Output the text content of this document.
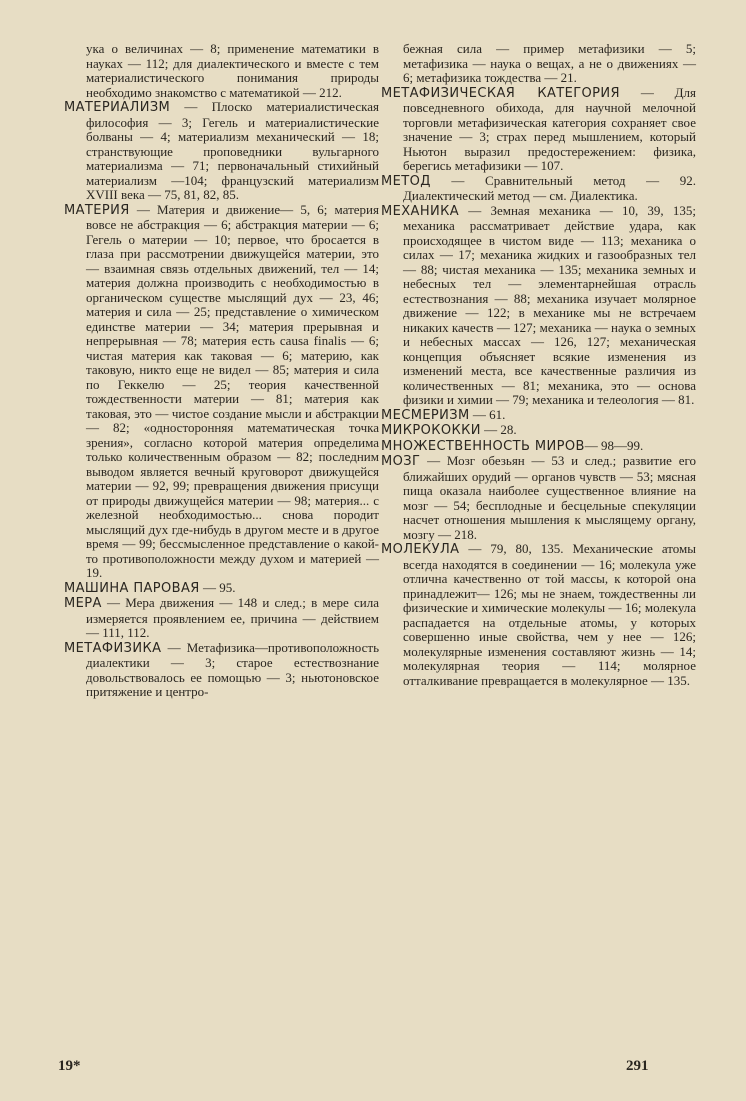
ука о величинах — 8; применение математики в науках — 112; для диалектического и вместе с тем материалистического понимания природы необходимо знакомство с математикой — 212.

МАТЕРИАЛИЗМ — Плоско материалистическая философия — 3; Гегель и материалистические болваны — 4; материализм механический — 18; странствующие проповедники вульгарного материализма — 71; первоначальный стихийный материализм —104; французский материализм XVIII века — 75, 81, 82, 85.

МАТЕРИЯ — Материя и движение— 5, 6; материя вовсе не абстракция — 6; абстракция материи — 6; Гегель о материи — 10; первое, что бросается в глаза при рассмотрении движущейся материи, это — взаимная связь отдельных движений, тел — 14; материя должна производить с необходимостью в органическом существе мыслящий дух — 23, 46; материя и сила — 25; представление о химическом единстве материи — 34; материя прерывная и непрерывная — 78; материя есть causa finalis — 6; чистая материя как таковая — 6; материю, как таковую, никто еще не видел — 85; материя и сила по Геккелю — 25; теория качественной тождественности материи — 81; материя как таковая, это — чистое создание мысли и абстракции — 82; «односторонняя математическая точка зрения», согласно которой материя определима только количественным образом — 82; последним выводом является вечный круговорот движущейся материи — 92, 99; превращения движения присущи от природы движущейся материи — 98; материя... с железной необходимостью... снова породит мыслящий дух где-нибудь в другом месте и в другое время — 99; бессмысленное представление о какой-то противоположности между духом и материей — 19.

МАШИНА ПАРОВАЯ — 95.

МЕРА — Мера движения — 148 и след.; в мере сила измеряется проявлением ее, причина — действием — 111, 112.

МЕТАФИЗИКА — Метафизика—противоположность диалектики — 3; старое естествознание довольствовалось ее помощью — 3; ньютоновское притяжение и центро-

бежная сила — пример метафизики — 5; метафизика — наука о вещах, а не о движениях — 6; метафизика тождества — 21.

МЕТАФИЗИЧЕСКАЯ КАТЕГОРИЯ — Для повседневного обихода, для научной мелочной торговли метафизическая категория сохраняет свое значение — 3; страх перед мышлением, который Ньютон выразил предостережением: физика, берегись метафизики — 107.

МЕТОД — Сравнительный метод — 92. Диалектический метод — см. Диалектика.

МЕХАНИКА — Земная механика — 10, 39, 135; механика рассматривает действие удара, как происходящее в чистом виде — 113; механика о силах — 17; механика жидких и газообразных тел — 88; чистая механика — 135; механика земных и небесных тел — элементарнейшая отрасль естествознания — 88; механика изучает молярное движение — 122; в механике мы не встречаем никаких качеств — 127; механика — наука о земных и небесных массах — 126, 127; механическая концепция объясняет всякие изменения из изменений места, все качественные различия из количественных — 81; механика, это — основа физики и химии — 79; механика и телеология — 81.

МЕСМЕРИЗМ — 61.

МИКРОКОККИ — 28.

МНОЖЕСТВЕННОСТЬ МИРОВ— 98—99.

МОЗГ — Мозг обезьян — 53 и след.; развитие его ближайших орудий — органов чувств — 53; мясная пища оказала наиболее существенное влияние на мозг — 54; бесплодные и бесцельные спекуляции насчет отношения мышления к мыслящему органу, мозгу — 218.

МОЛЕКУЛА — 79, 80, 135. Механические атомы всегда находятся в соединении — 16; молекула уже отлична качественно от той массы, к которой она принадлежит— 126; мы не знаем, тождественны ли физические и химические молекулы — 16; молекула распадается на отдельные атомы, у которых совершенно иные свойства, чем у нее — 126; молекулярные изменения составляют жизнь — 14; молекулярная теория — 114; молярное отталкивание превращается в молекулярное — 135.

19*	291
